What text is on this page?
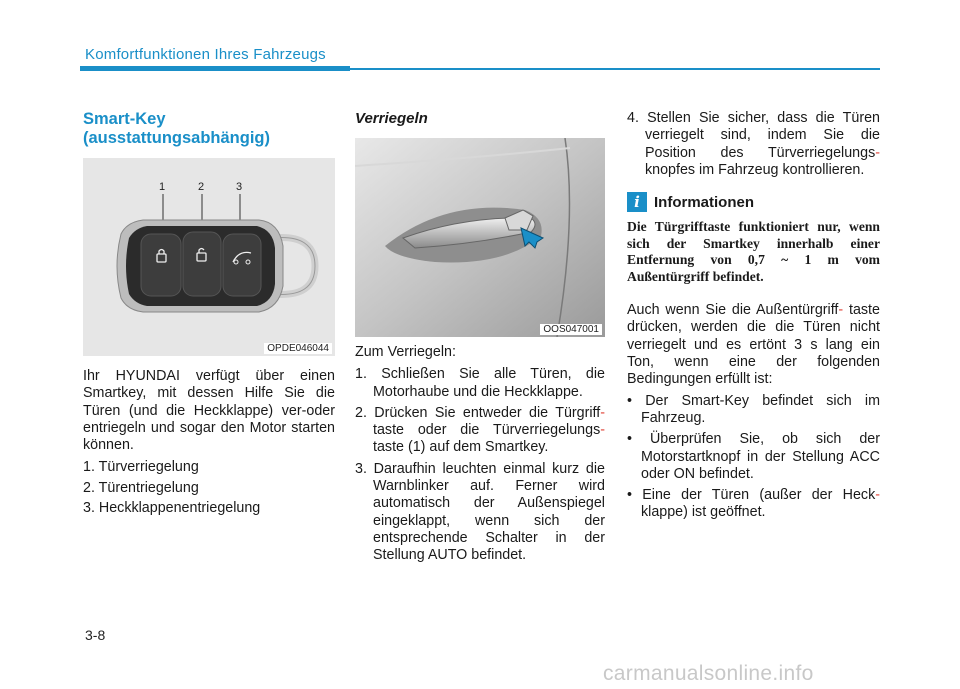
Komfortfunktionen Ihres Fahrzeugs
Smart-Key
(ausstattungsabhängig)
1	2	3
OPDE046044

Ihr HYUNDAI verfügt über einen Smartkey, mit dessen Hilfe Sie die Türen (und die Heckklappe) ver-oder entriegeln und sogar den Motor starten können.

1. Türverriegelung

2. Türentriegelung

3. Heckklappenentriegelung

Verriegeln
OOS047001

Zum Verriegeln:

1. Schließen Sie alle Türen, die Motorhaube und die Heckklappe.

2. Drücken Sie entweder die Türgriff- taste oder die Türverriegelungs- taste (1) auf dem Smartkey.

3. Daraufhin leuchten einmal kurz die Warnblinker auf. Ferner wird automatisch der Außenspiegel eingeklappt, wenn sich der entsprechende Schalter in der Stellung AUTO befindet.

4. Stellen Sie sicher, dass die Türen verriegelt sind, indem Sie die Position des Türverriegelungs- knopfes im Fahrzeug kontrollieren.

i Informationen
Die Türgrifftaste funktioniert nur, wenn sich der Smartkey innerhalb einer Entfernung von 0,7 ~ 1 m vom Außentürgriff befindet.

Auch wenn Sie die Außentürgriff- taste drücken, werden die die Türen nicht verriegelt und es ertönt 3 s lang ein Ton, wenn eine der folgenden Bedingungen erfüllt ist:

• Der Smart-Key befindet sich im Fahrzeug.

• Überprüfen Sie, ob sich der Motorstartknopf in der Stellung ACC oder ON befindet.

• Eine der Türen (außer der Heck- klappe) ist geöffnet.

3-8
carmanualsonline.info
